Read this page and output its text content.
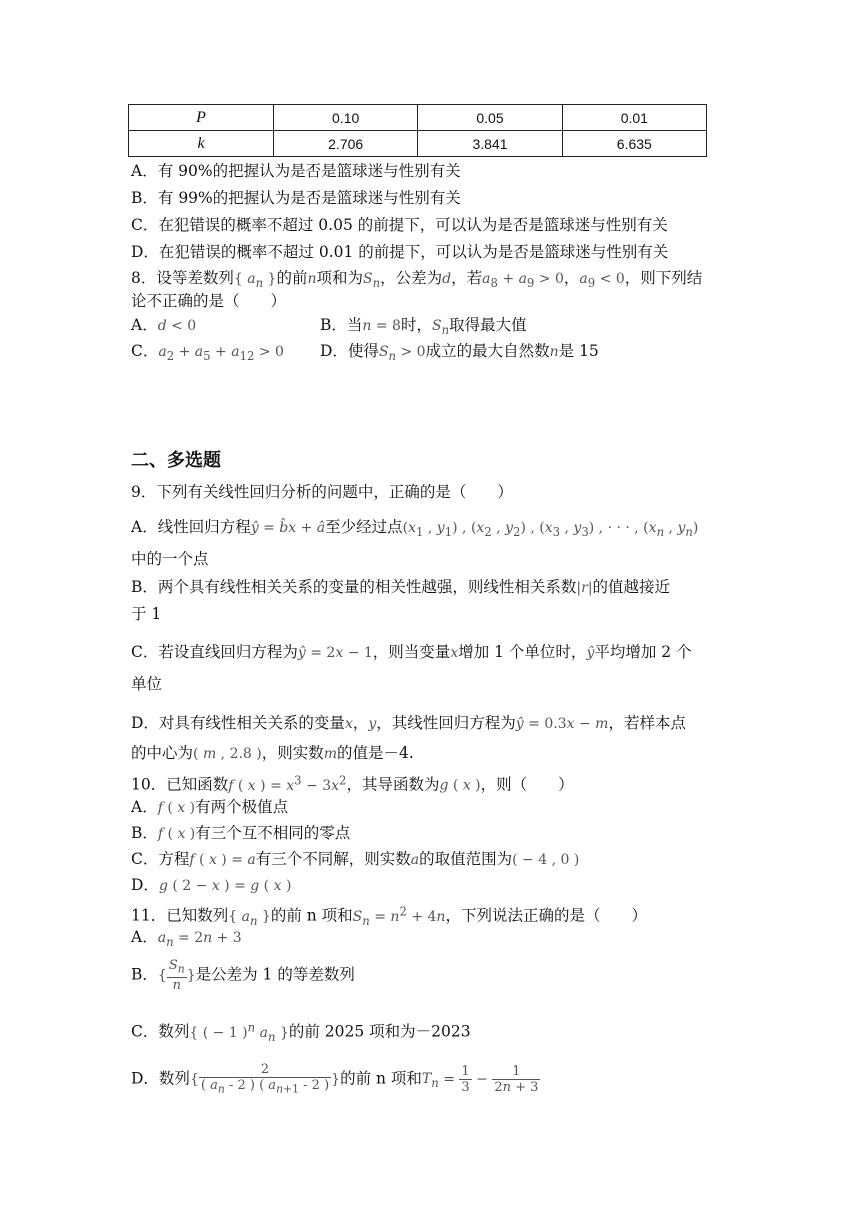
P	0.10	0.05	0.01
k	2.706	3.841	6.635
A．有 90%的把握认为是否是篮球迷与性别有关
B．有 99%的把握认为是否是篮球迷与性别有关
C．在犯错误的概率不超过 0.05 的前提下，可以认为是否是篮球迷与性别有关
D．在犯错误的概率不超过 0.01 的前提下，可以认为是否是篮球迷与性别有关
8．设等差数列{ $a_n$ }的前n项和为$S_n$，公差为d，若$a_8 + a_9 > 0$，$a_9 < 0$，则下列结
论不正确的是（　　）
A．d < 0	B．当n = 8时，$S_n$取得最大值
C．$a_2 + a_5 + a_{12} > 0$ D．使得$S_n > 0$成立的最大自然数n是 15
二、多选题
9．下列有关线性回归分析的问题中，正确的是（　　）
A．线性回归方程ŷ = b̂x + â至少经过点($x_1$ , $y_1$) , ($x_2$ , $y_2$) , ($x_3$ , $y_3$) , · · · , ($x_n$ , $y_n$)
中的一个点
B．两个具有线性相关关系的变量的相关性越强，则线性相关系数|r|的值越接近
于 1
C．若设直线回归方程为ŷ = 2x − 1，则当变量x增加 1 个单位时，ŷ平均增加 2 个
单位
D．对具有线性相关关系的变量x，y，其线性回归方程为ŷ = 0.3x − m，若样本点
的中心为( m , 2.8 )，则实数m的值是－4.
10．已知函数f ( x ) = $x^3 - 3x^2$，其导函数为g ( x )，则（　　）
A．f ( x )有两个极值点
B．f ( x )有三个互不相同的零点
C．方程f ( x ) = a有三个不同解，则实数a的取值范围为( − 4 , 0 )
D．g ( 2 − x ) = g ( x )
11．已知数列{ $a_n$ }的前 n 项和$S_n = n^2 + 4n$，下列说法正确的是（　　）
A．$a_n = 2n + 3$
B．{ $\frac{S_n}{n}$ }是公差为 1 的等差数列
C．数列{ ( − 1 )$^n$ $a_n$ }的前 2025 项和为－2023
D．数列{ $\frac{2}{( a_n - 2 ) ( a_{n+1} - 2 )}$ }的前 n 项和$T_n = \frac{1}{3} - \frac{1}{2n + 3}$
